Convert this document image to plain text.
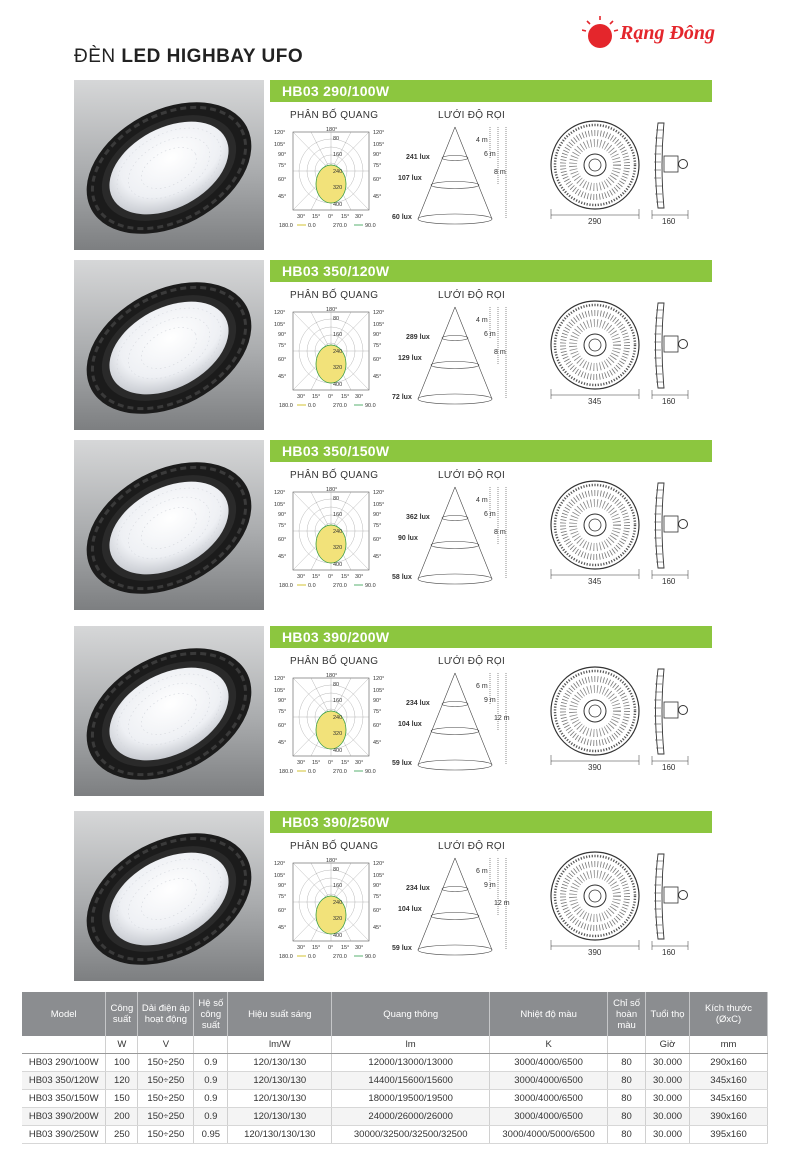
Rạng Đông
ĐÈN LED HIGHBAY UFO
HB03 290/100W
PHÂN BỐ QUANG	LƯỚI ĐỘ RỌI
180°
120°	120°
105°	105°
90°	90°
75°	75°
60°	60°
45°	45°
80
160
240
320
400
30° 15° 0° 15° 30°
180.0	0.0	270.0	90.0
241 lux
107 lux
60 lux
4 m
6 m
8 m
290	160
HB03 350/120W
PHÂN BỐ QUANG	LƯỚI ĐỘ RỌI
180°
120°	120°
105°	105°
90°	90°
75°	75°
60°	60°
45°	45°
80
160
240
320
400
30° 15° 0° 15° 30°
180.0	0.0	270.0	90.0
289 lux
129 lux
72 lux
4 m
6 m
8 m
345	160
HB03 350/150W
PHÂN BỐ QUANG	LƯỚI ĐỘ RỌI
180°
120°	120°
105°	105°
90°	90°
75°	75°
60°	60°
45°	45°
80
160
240
320
400
30° 15° 0° 15° 30°
180.0	0.0	270.0	90.0
362 lux
90 lux
58 lux
4 m
6 m
8 m
345	160
HB03 390/200W
PHÂN BỐ QUANG	LƯỚI ĐỘ RỌI
180°
120°	120°
105°	105°
90°	90°
75°	75°
60°	60°
45°	45°
80
160
240
320
400
30° 15° 0° 15° 30°
180.0	0.0	270.0	90.0
234 lux
104 lux
59 lux
6 m
9 m
12 m
390	160
HB03 390/250W
PHÂN BỐ QUANG	LƯỚI ĐỘ RỌI
180°
120°	120°
105°	105°
90°	90°
75°	75°
60°	60°
45°	45°
80
160
240
320
400
30° 15° 0° 15° 30°
180.0	0.0	270.0	90.0
234 lux
104 lux
59 lux
6 m
9 m
12 m
390	160
Model	Công suất	Dải điện áp hoạt động	Hệ số công suất	Hiệu suất sáng	Quang thông	Nhiệt độ màu	Chỉ số hoàn màu	Tuổi thọ	Kích thước (ØxC)
	W	V		lm/W	lm	K		Giờ	mm
HB03 290/100W	100	150÷250	0.9	120/130/130	12000/13000/13000	3000/4000/6500	80	30.000	290x160
HB03 350/120W	120	150÷250	0.9	120/130/130	14400/15600/15600	3000/4000/6500	80	30.000	345x160
HB03 350/150W	150	150÷250	0.9	120/130/130	18000/19500/19500	3000/4000/6500	80	30.000	345x160
HB03 390/200W	200	150÷250	0.9	120/130/130	24000/26000/26000	3000/4000/6500	80	30.000	390x160
HB03 390/250W	250	150÷250	0.95	120/130/130/130	30000/32500/32500/32500	3000/4000/5000/6500	80	30.000	395x160
